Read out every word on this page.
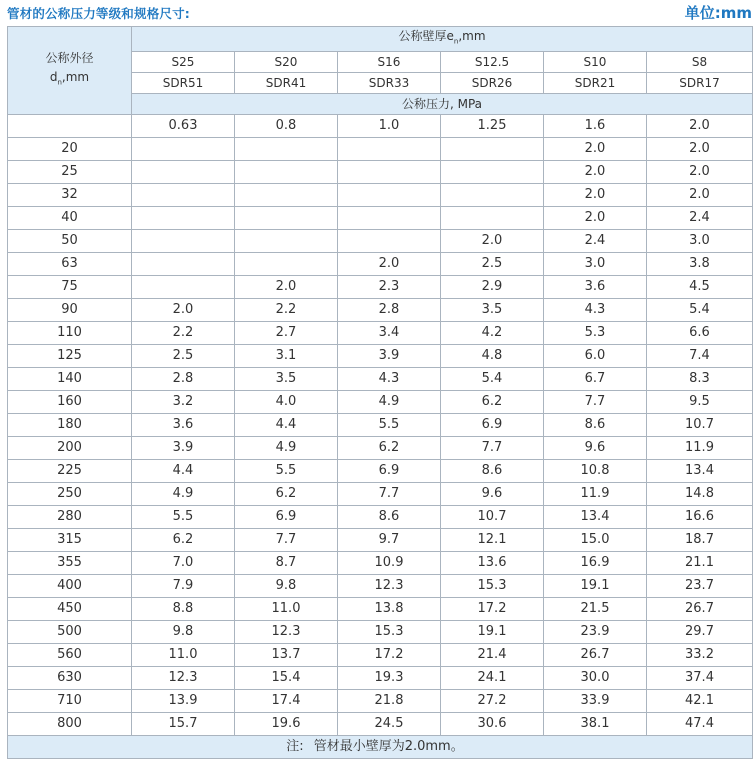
管材的公称压力等级和规格尺寸:	单位:mm
公称外径
$d_n,mm$	公称壁厚$e_n,mm$					
	S25	S20	S16	S12.5	S10	S8
	SDR51	SDR41	SDR33	SDR26	SDR21	SDR17
	公称压力, MPa					
	0.63	0.8	1.0	1.25	1.6	2.0
20					2.0	2.0
25					2.0	2.0
32					2.0	2.0
40					2.0	2.4
50				2.0	2.4	3.0
63			2.0	2.5	3.0	3.8
75		2.0	2.3	2.9	3.6	4.5
90	2.0	2.2	2.8	3.5	4.3	5.4
110	2.2	2.7	3.4	4.2	5.3	6.6
125	2.5	3.1	3.9	4.8	6.0	7.4
140	2.8	3.5	4.3	5.4	6.7	8.3
160	3.2	4.0	4.9	6.2	7.7	9.5
180	3.6	4.4	5.5	6.9	8.6	10.7
200	3.9	4.9	6.2	7.7	9.6	11.9
225	4.4	5.5	6.9	8.6	10.8	13.4
250	4.9	6.2	7.7	9.6	11.9	14.8
280	5.5	6.9	8.6	10.7	13.4	16.6
315	6.2	7.7	9.7	12.1	15.0	18.7
355	7.0	8.7	10.9	13.6	16.9	21.1
400	7.9	9.8	12.3	15.3	19.1	23.7
450	8.8	11.0	13.8	17.2	21.5	26.7
500	9.8	12.3	15.3	19.1	23.9	29.7
560	11.0	13.7	17.2	21.4	26.7	33.2
630	12.3	15.4	19.3	24.1	30.0	37.4
710	13.9	17.4	21.8	27.2	33.9	42.1
800	15.7	19.6	24.5	30.6	38.1	47.4
注: 管材最小壁厚为2.0mm。						
